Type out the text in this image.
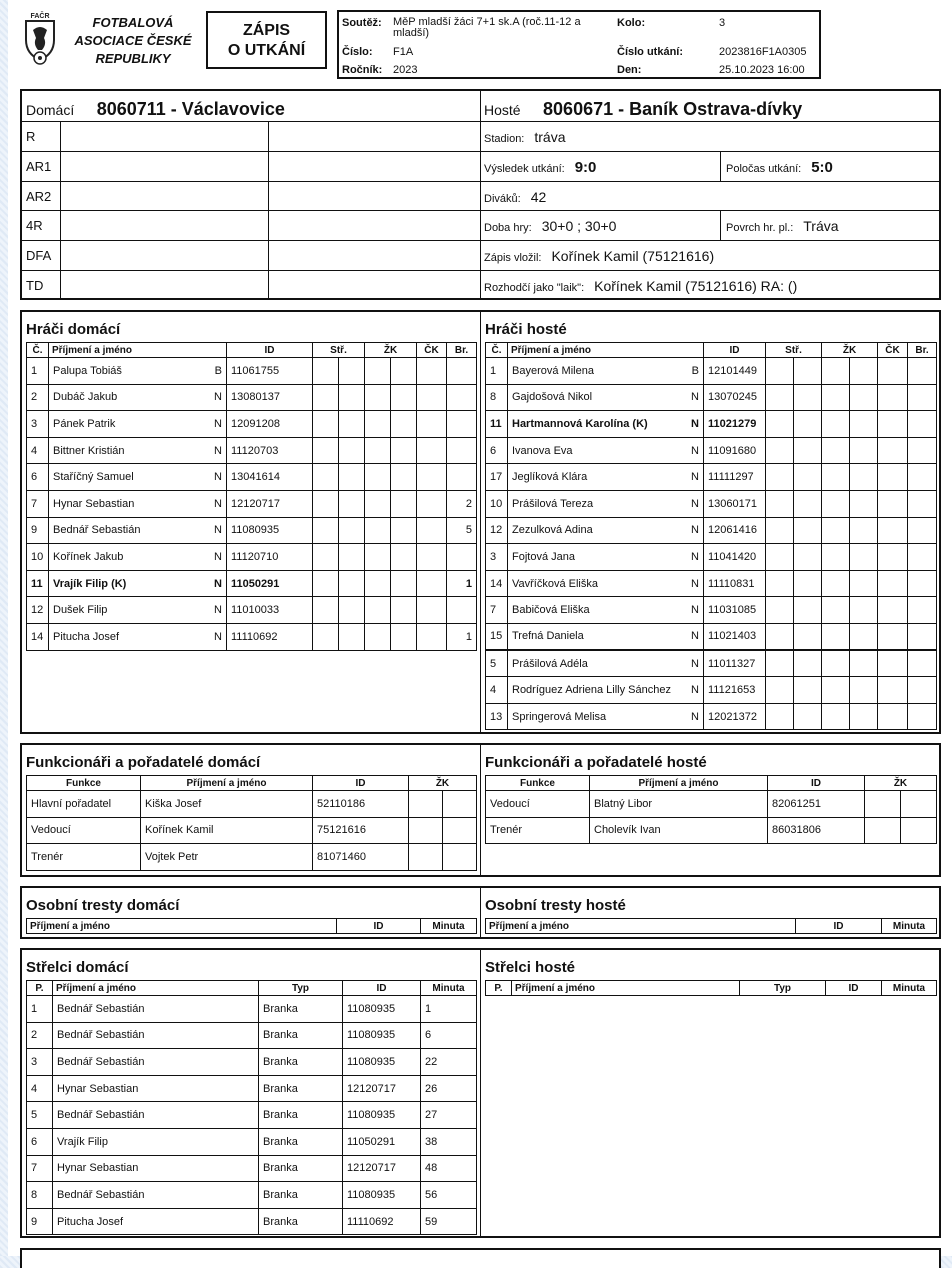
FAČR	FOTBALOVÁ ASOCIACE ČESKÉ REPUBLIKY
ZÁPIS
O UTKÁNÍ
Soutěž: MěP mladší žáci 7+1 sk.A (roč.11-12 a mladší)
Číslo: F1A
Ročník: 2023
Kolo:	3
Číslo utkání:	2023816F1A0305
Den:	25.10.2023 16:00
Domácí 8060711 - Václavovice
R
AR1
AR2
4R
DFA
TD
Hosté 8060671 - Baník Ostrava-dívky
Stadion: tráva
Výsledek utkání: 9:0	Poločas utkání: 5:0
Diváků: 42
Doba hry: 30+0 ; 30+0	Povrch hr. pl.: Tráva
Zápis vložil: Kořínek Kamil (75121616)
Rozhodčí jako "laik": Kořínek Kamil (75121616) RA: ()
Hráči domácí	Hráči hosté
Č.	Příjmení a jméno	ID	Stř.		ŽK		ČK	Br.
1	Palupa Tobiáš B	11061755						
2	Dubáč Jakub N	13080137						
3	Pánek Patrik N	12091208						
4	Bittner Kristián N	11120703						
6	Staříčný Samuel N	13041614						
7	Hynar Sebastian N	12120717						2
9	Bednář Sebastián N	11080935						5
10	Kořínek Jakub N	11120710						
11	Vrajík Filip (K) N	11050291						1
12	Dušek Filip N	11010033						
14	Pitucha Josef N	11110692						1
Č.	Příjmení a jméno	ID	Stř.		ŽK		ČK	Br.
1	Bayerová Milena B	12101449						
8	Gajdošová Nikol N	13070245						
11	Hartmannová Karolína (K) N	11021279						
6	Ivanova Eva N	11091680						
17	Jeglíková Klára N	11111297						
10	Prášilová Tereza N	13060171						
12	Zezulková Adina N	12061416						
3	Fojtová Jana N	11041420						
14	Vavříčková Eliška N	11110831						
7	Babičová Eliška N	11031085						
15	Trefná Daniela N	11021403						
5	Prášilová Adéla N	11011327						
4	Rodríguez Adriena Lilly Sánchez N	11121653						
13	Springerová Melisa N	12021372						
Funkcionáři a pořadatelé domácí	Funkcionáři a pořadatelé hosté
Funkce	Příjmení a jméno	ID	ŽK	
Hlavní pořadatel	Kiška Josef	52110186		
Vedoucí	Kořínek Kamil	75121616		
Trenér	Vojtek Petr	81071460		
Funkce	Příjmení a jméno	ID	ŽK	
Vedoucí	Blatný Libor	82061251		
Trenér	Cholevík Ivan	86031806		
Osobní tresty domácí	Osobní tresty hosté
Příjmení a jméno	ID	Minuta Příjmení a jméno	ID	Minuta
Střelci domácí	Střelci hosté
P.	Příjmení a jméno	Typ	ID	Minuta
1	Bednář Sebastián	Branka	11080935	1
2	Bednář Sebastián	Branka	11080935	6
3	Bednář Sebastián	Branka	11080935	22
4	Hynar Sebastian	Branka	12120717	26
5	Bednář Sebastián	Branka	11080935	27
6	Vrajík Filip	Branka	11050291	38
7	Hynar Sebastian	Branka	12120717	48
8	Bednář Sebastián	Branka	11080935	56
9	Pitucha Josef	Branka	11110692	59
P.	Příjmení a jméno	Typ	ID	Minuta
